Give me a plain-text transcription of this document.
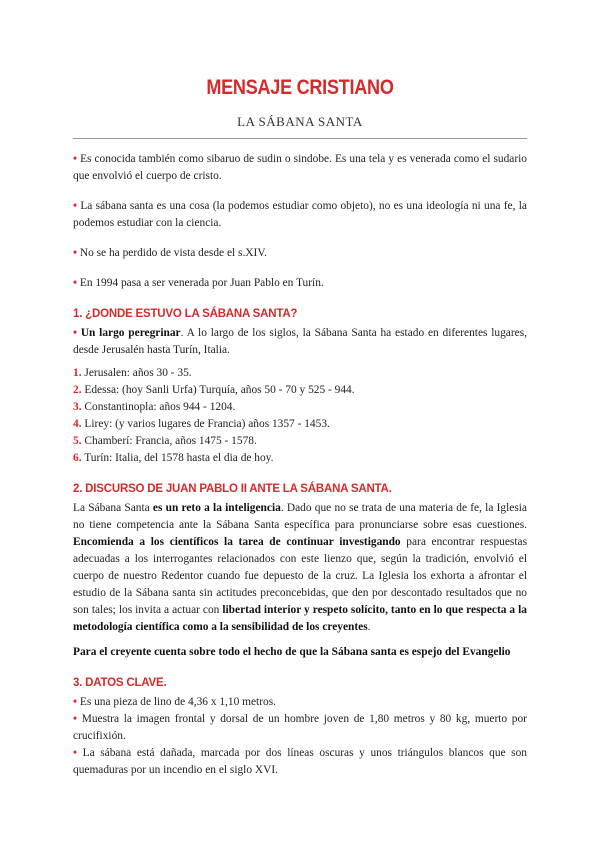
MENSAJE CRISTIANO
LA SÁBANA SANTA

• Es conocida también como sibaruo de sudin o sindobe. Es una tela y es venerada como el sudario que envolvió el cuerpo de cristo.

• La sábana santa es una cosa (la podemos estudiar como objeto), no es una ideología ni una fe, la podemos estudiar con la ciencia.

• No se ha perdido de vista desde el s.XIV.

• En 1994 pasa a ser venerada por Juan Pablo en Turín.

1. ¿DONDE ESTUVO LA SÁBANA SANTA?

• Un largo peregrinar. A lo largo de los siglos, la Sábana Santa ha estado en diferentes lugares, desde Jerusalén hasta Turín, Italia.

1. Jerusalen: años 30 - 35.
2. Edessa: (hoy Sanli Urfa) Turquía, años 50 - 70 y 525 - 944.
3. Constantinopla: años 944 - 1204.
4. Lirey: (y varios lugares de Francia) años 1357 - 1453.
5. Chamberí: Francia, años 1475 - 1578.
6. Turín: Italia, del 1578 hasta el dia de hoy.
2. DISCURSO DE JUAN PABLO II ANTE LA SÁBANA SANTA.

La Sábana Santa es un reto a la inteligencia. Dado que no se trata de una materia de fe, la Iglesia no tiene competencia ante la Sábana Santa específica para pronunciarse sobre esas cuestiones. Encomienda a los científicos la tarea de continuar investigando para encontrar respuestas adecuadas a los interrogantes relacionados con este lienzo que, según la tradición, envolvió el cuerpo de nuestro Redentor cuando fue depuesto de la cruz. La Iglesia los exhorta a afrontar el estudio de la Sábana santa sin actitudes preconcebidas, que den por descontado resultados que no son tales; los invita a actuar con libertad interior y respeto solícito, tanto en lo que respecta a la metodología científica como a la sensibilidad de los creyentes.

Para el creyente cuenta sobre todo el hecho de que la Sábana santa es espejo del Evangelio

3. DATOS CLAVE.

• Es una pieza de lino de 4,36 x 1,10 metros.

• Muestra la imagen frontal y dorsal de un hombre joven de 1,80 metros y 80 kg, muerto por crucifixión.

• La sábana está dañada, marcada por dos líneas oscuras y unos triángulos blancos que son quemaduras por un incendio en el siglo XVI.
